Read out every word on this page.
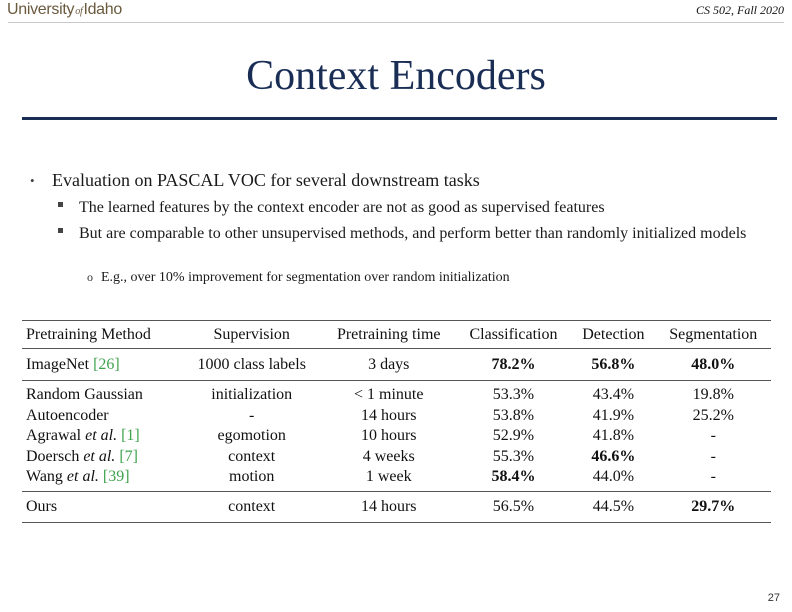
UniversityofIdaho	CS 502, Fall 2020
Context Encoders
• Evaluation on PASCAL VOC for several downstream tasks
The learned features by the context encoder are not as good as supervised features
But are comparable to other unsupervised methods, and perform better than randomly initialized models
o E.g., over 10% improvement for segmentation over random initialization
Pretraining Method	Supervision	Pretraining time	Classification	Detection	Segmentation
ImageNet [26]	1000 class labels	3 days	78.2%	56.8%	48.0%
Random Gaussian	initialization	< 1 minute	53.3%	43.4%	19.8%
Autoencoder	-	14 hours	53.8%	41.9%	25.2%
Agrawal et al. [1]	egomotion	10 hours	52.9%	41.8%	-
Doersch et al. [7]	context	4 weeks	55.3%	46.6%	-
Wang et al. [39]	motion	1 week	58.4%	44.0%	-
Ours	context	14 hours	56.5%	44.5%	29.7%
27
